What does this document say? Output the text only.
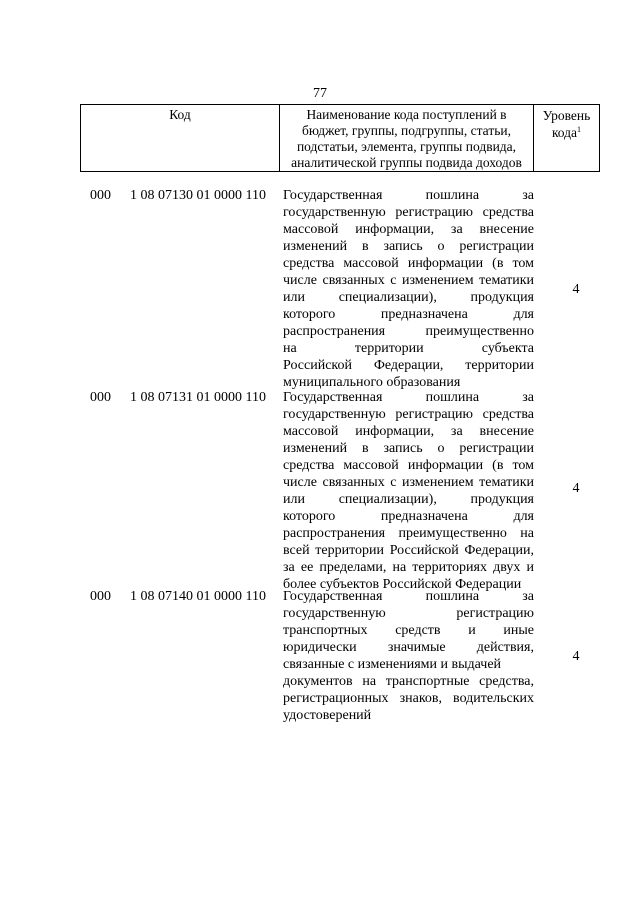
77
Код	Наименование кода поступлений в
бюджет, группы, подгруппы, статьи,
подстатьи, элемента, группы подвида,
аналитической группы подвида доходов
Уровень
кода$^1$
000 1 08 07130 01 0000 110 Государственная пошлина за
государственную регистрацию средства
массовой информации, за внесение
изменений в запись о регистрации
средства массовой информации (в том
числе связанных с изменением тематики
или специализации), продукция
которого предназначена для
распространения преимущественно
на территории субъекта
Российской Федерации, территории
муниципального образования
4
000 1 08 07131 01 0000 110 Государственная пошлина за
государственную регистрацию средства
массовой информации, за внесение
изменений в запись о регистрации
средства массовой информации (в том
числе связанных с изменением тематики
или специализации), продукция
которого предназначена для
распространения преимущественно на
всей территории Российской Федерации,
за ее пределами, на территориях двух и
более субъектов Российской Федерации
4
000 1 08 07140 01 0000 110 Государственная пошлина за
государственную регистрацию
транспортных средств и иные
юридически значимые действия,
связанные с изменениями и выдачей
документов на транспортные средства,
регистрационных знаков, водительских
удостоверений
4
